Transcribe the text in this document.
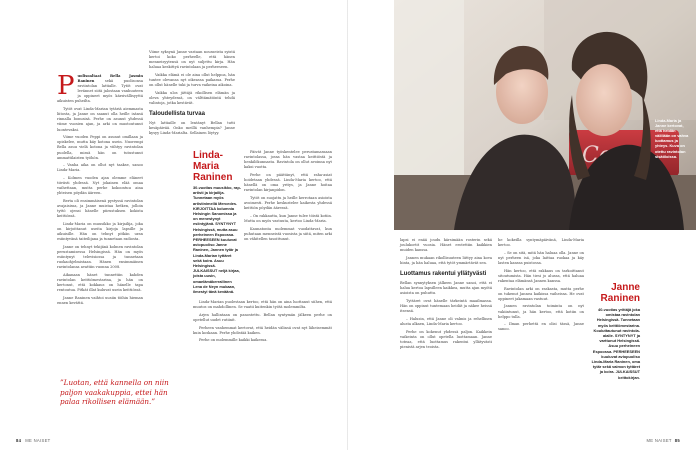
P uolisoaltaat Bella Jasmin Raninen	sekä puolisonsa raviintolan lattialle. Tytöt ovat levännet siitä jalostaan vanhuuteen ja oppineet myös kärsivällisyyttä aikuisten puheilta.

Tytöt ovat Linda-Marian tytäriä aiemmasta liitosta, ja Janne on saanut olla heille isänsä rinnalla bonusisä. Perhe on asunut yhdessä viime vuosien ajan, ja arki on muotoutunut luontevaksi.

Viime vuoden Peppi on asunut omillaan ja opiskelee, mutta käy kotona usein. Nuorempi Bella asuu vielä kotona ja viihtyy ravintolan puolella, missä hän on tutustunut ammattilaisten työhön.

– Vanha aika on ollut nyt taakse, sanoo Linda-Maria.

– Kolmen vuoden ajan olemme eläneet tiiviisti yhdessä. Nyt jokainen elää omaa vaihettaan, mutta perhe kokoontuu aina yhteisen pöydän ääreen.

Berta oli ensimmäisenä pystyssä ravintolan avajaisissa, ja Janne muistaa hetken, jolloin tyttö ojensi hänelle piirustuksen kokista keittiössä.

Linda-Maria on muusikko ja kirjailija, joka on kirjoittanut useita kirjoja lapsille ja aikuisille. Hän on tehnyt pitkän uran esiintyvänä taiteilijana ja tunnetaan radiosta.

Janne on tehnyt tekijänä kolmen ravintolan perustamisessa Helsingissä. Hän on myös esiintynyt televisiossa ja tunnetaan ruokaohjelmistaan. Hänen ensimmäinen ravintolansa avattiin vuonna 2008.

Aikanaan hänet tunnettiin kahden ravintolan keittiömestarina, ja hän on kertonut, että kokkaus on hänelle tapa rentoutua. Pitkät illat kuluvat usein keittiössä.

Janne Raninen vaihtoi uusiin töihin hieman ennen kevättä.

”Luotan, että kannella on niin paljon vaakakuppia, ettei hän palaa rikollisen elämään.”

Viime syksynä Janne vastaan nousseista syistä kertoi koko perheelle, että hänen menneisyytensä on nyt suljettu kirja. Hän haluaa keskittyä ravintolaan ja perheeseen.

Vaikka elämä ei ole aina ollut helppoa, hän tuntee olevansa nyt oikeassa paikassa. Perhe on ollut hänelle tuki ja turva vaikeina aikoina.

Vaikka ulos jättäjä rikollisen elämän ja oleva yhteydessä, on välttämätöntä tehdä valintoja, jotka kestävät.

Taloudellista turvaa

Nyt lattiaille on lentänyt Bellan tutti kesäpäivää. Onko meillä vanhempia? Janne kysyy Linda-Marialta. Sellainen löytyy.

Linda-Maria Raninen
30-vuotias muusikko, rap-artisti ja kirjailija. Tunnetaan myös artistinimellä Mercedes. KIRJOITTAA kolumnia Helsingin Sanomissa ja on menestynyt esiintyjänä. SYNTYNYT Helsingissä, mutta asuu perheineen Espoossa. PERHEESEEN kuuluvat aviopuoliso Janne Raninen, Jannen tytär ja Linda-Marian tyttäret sekä koira. Asuu Helsingissä. JULKAISSUT neljä kirjaa, joista uusin, omaelämäkerrallinen Lena de Neyn mukaan, ilmestyi tänä keväänä.

Päivät Janne työskentelee perustamassaan ravintolassa, jossa hän vastaa keittiöstä ja henkilökunnasta. Ravintola on ollut avoinna nyt kaksi vuotta.

Perhe on päättänyt, että raha-asiat hoidetaan yhdessä. Linda-Maria kertoo, että hänellä on oma yritys, ja Janne hoitaa ravintolan kirjanpidon.

Tytöt on suojattu ja heille kerrotaan asioista avoimesti. Perhe keskustelee kaikesta yhdessä keittiön pöydän ääressä.

– On rakkautta, kun Janne tulee töistä kotiin. Mutta on myös vastuuta, kertoo Linda-Maria.

Kaunatonta molemmat vuodattavat, kun puhutaan menneistä vuosista ja siitä, miten arki on vähitellen tasoittunut.

Linda-Marian puolestaan kertoo, että hän on aina luottanut siihen, että muutos on mahdollinen. Se vaatii kuitenkin työtä molemmilta.

Arjen hallintaan on panostettu. Bellan syntymän jälkeen perhe on opetellut uudet rutiinit.

Perheen vanhemmat kertovat, että heidän välinsä ovat nyt läheisemmät kuin koskaan. Perhe yhdistää kaiken.

Perhe on molemmille kaikki kaikessa.

84 ME NAISET

lapsi ei enää joudu kärsimään rosterin sekä joulukortit vuosia. Hänet erotettiin kaikkien muiden kanssa.

Jannen mukaan rikollisuuteen liittyy aina kova hinta, ja hän haluaa, että tytöt ymmärtävät sen.

Luottamus rakentui yllätyvästi

Bellan synnytyksen jälkeen Janne sanoi, että ei halua kertoa lapsilleen kaikkea, mutta ajan myötä asioista on puhuttu.

Tyttäret ovat hänelle tärkeintä maailmassa. Hän on oppinut tuntemaan heidät ja näkee heissä itsensä.

– Halusin, että Janne oli valmis ja rehellinen alusta alkaen, Linda-Maria kertoo.

Perhe on kokenut yhdessä paljon. Kaikkein vaikeinta on ollut opetella luottamaan. Janne toteaa, että luottamus rakentui yllätyvästi pienistä arjen teoista.

he kokeilla syntymäpäivänä, Linda-Maria kertoo.

– Se on sitä, mitä hän haluaa olla. Janne on nyt perheen isä, joka laittaa ruokaa ja käy lasten kanssa puistossa.

Hän kertoo, että rakkaus on tarkoittanut sitoutumista. Hän tiesi jo alussa, että haluaa rakentaa elämänsä Jannen kanssa.

Ravintolan arki on raskasta, mutta perhe on tukenut Jannea kaikissa vaiheissa. He ovat oppineet jakamaan vastuut.

Jannen ravintolan toiminta on nyt vakiintunut, ja hän kertoo, että kotiin on helppo tulla.

– Ilman perhettä en olisi tässä, Janne sanoo.

Janne Raninen
40-vuotias yrittäjä joka omistaa ravintolan Helsingissä. Tunnetaan myös keittiömestarina. Kouluttautunut ravintola-alalle. SYNTYNYT ja varttunut Helsingissä. Asuu perheineen Espoossa. PERHEESEEN kuuluvat aviopuoliso Linda-Maria Raninen, oma tytär sekä vaimon tyttäret ja koira. JULKAISSUT keittokirjan.
ME NAISET 85
Linda-Maria ja Janne kertovat, että heidän välillään on vahva luottamus ja yhteys. Kuva on otettu ravintolan sisätiloissa.
